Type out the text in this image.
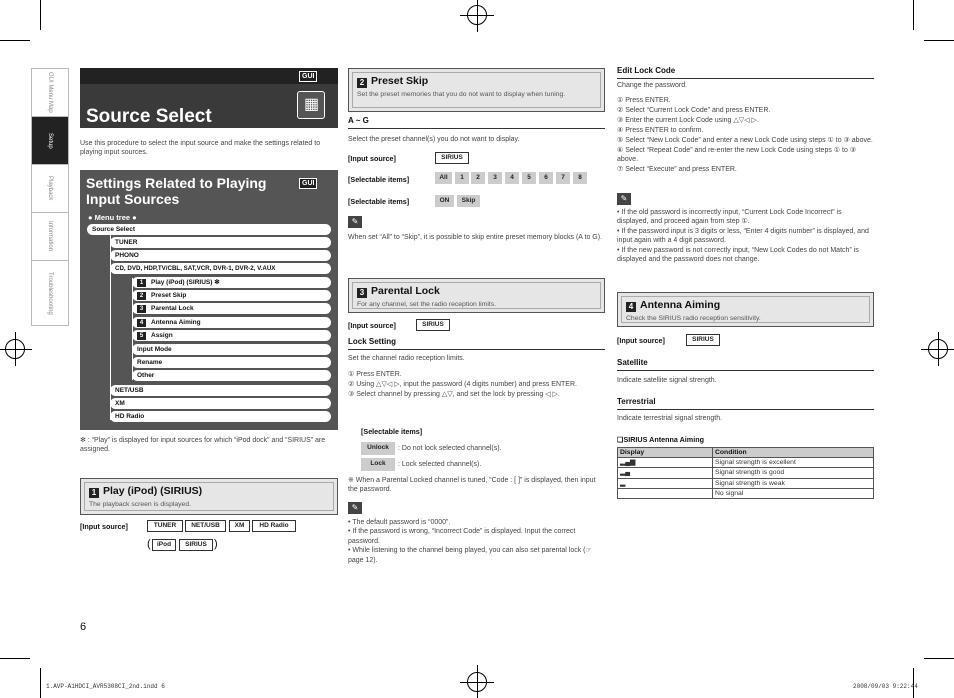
GUI Menu Map
Setup
Playback
Information
Troubleshooting
GUI
▦
Source Select
Use this procedure to select the input source and make the settings related to playing input sources.
Settings Related to Playing
Input Sources
GUI
● Menu tree ●
Source Select
TUNER
PHONO
CD, DVD, HDP,TV/CBL, SAT,VCR, DVR-1, DVR-2, V.AUX
1 Play (iPod) (SIRIUS) ✻
2 Preset Skip
3 Parental Lock
4 Antenna Aiming
5 Assign
Input Mode
Rename
Other
NET/USB
XM
HD Radio
✻ : “Play” is displayed for input sources for which “iPod dock” and “SIRIUS” are assigned.
1 Play (iPod) (SIRIUS)
The playback screen is displayed.
[Input source]	TUNER	NET/USB	XM	HD Radio
( iPod	SIRIUS )
6
2 Preset Skip
Set the preset memories that you do not want to display when tuning.
A ~ G
Select the preset channel(s) you do not want to display.
[Input source]	SIRIUS
[Selectable items]	All	1	2	3	4	5	6	7	8
[Selectable items]	ON	Skip
✎
When set “All” to “Skip”, it is possible to skip entire preset memory blocks (A to G).
3 Parental Lock
For any channel, set the radio reception limits.
[Input source]	SIRIUS
Lock Setting
Set the channel radio reception limits.
① Press ENTER.
② Using △▽◁ ▷, input the password (4 digits number) and press ENTER.
③ Select channel by pressing △▽, and set the lock by pressing ◁ ▷.
[Selectable items]
Unlock	: Do not lock selected channel(s).
Lock	: Lock selected channel(s).
※ When a Parental Locked channel is tuned, “Code : [ ]” is displayed, then input the password.
✎
• The default password is “0000”.
• If the password is wrong, “Incorrect Code” is displayed. Input the correct password.
• While listening to the channel being played, you can also set parental lock (☞page 12).
Edit Lock Code
Change the password.
① Press ENTER.
② Select “Current Lock Code” and press ENTER.
③ Enter the current Lock Code using △▽◁ ▷.
④ Press ENTER to confirm.
⑤ Select “New Lock Code” and enter a new Lock Code using steps ① to ③ above.
⑥ Select “Repeat Code” and re-enter the new Lock Code using steps ① to ③ above.
⑦ Select “Execute” and press ENTER.
✎
• If the old password is incorrectly input, “Current Lock Code Incorrect” is displayed, and proceed again from step ①.
• If the password input is 3 digits or less, “Enter 4 digits number” is displayed, and input again with a 4 digit password.
• If the new password is not correctly input, “New Lock Codes do not Match” is displayed and the password does not change.
4 Antenna Aiming
Check the SIRIUS radio reception sensitivity.
[Input source]	SIRIUS
Satellite
Indicate satellite signal strength.
Terrestrial
Indicate terrestrial signal strength.
❑SIRIUS Antenna Aiming
Display	Condition
▂▄▆	Signal strength is excellent
▂▄	Signal strength is good
▂	Signal strength is weak
	No signal
1.AVP-A1HDCI_AVR5308CI_2nd.indd 6	2008/09/03 9:22:44
